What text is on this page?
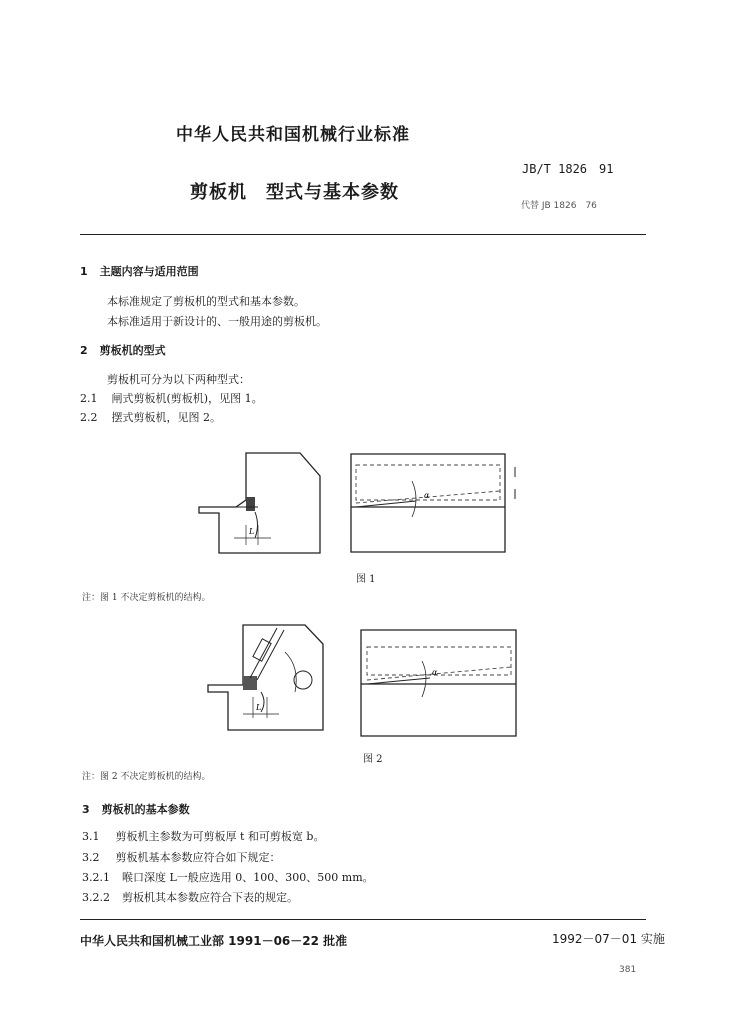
中华人民共和国机械行业标准
JB/T 1826　91
剪板机　型式与基本参数
代替 JB 1826　76
1 主题内容与适用范围
本标准规定了剪板机的型式和基本参数。
本标准适用于新设计的、一般用途的剪板机。
2 剪板机的型式
剪板机可分为以下两种型式：
2.1 闸式剪板机(剪板机)，见图 1。
2.2 摆式剪板机，见图 2。
L
α
图 1
注：图 1 不决定剪板机的结构。
L
α
图 2
注：图 2 不决定剪板机的结构。
3 剪板机的基本参数
3.1 剪板机主参数为可剪板厚 t 和可剪板宽 b。
3.2 剪板机基本参数应符合如下规定：
3.2.1 喉口深度 L一般应选用 0、100、300、500 mm。
3.2.2 剪板机其本参数应符合下表的规定。
中华人民共和国机械工业部 1991－06－22 批准	1992－07－01 实施
381
